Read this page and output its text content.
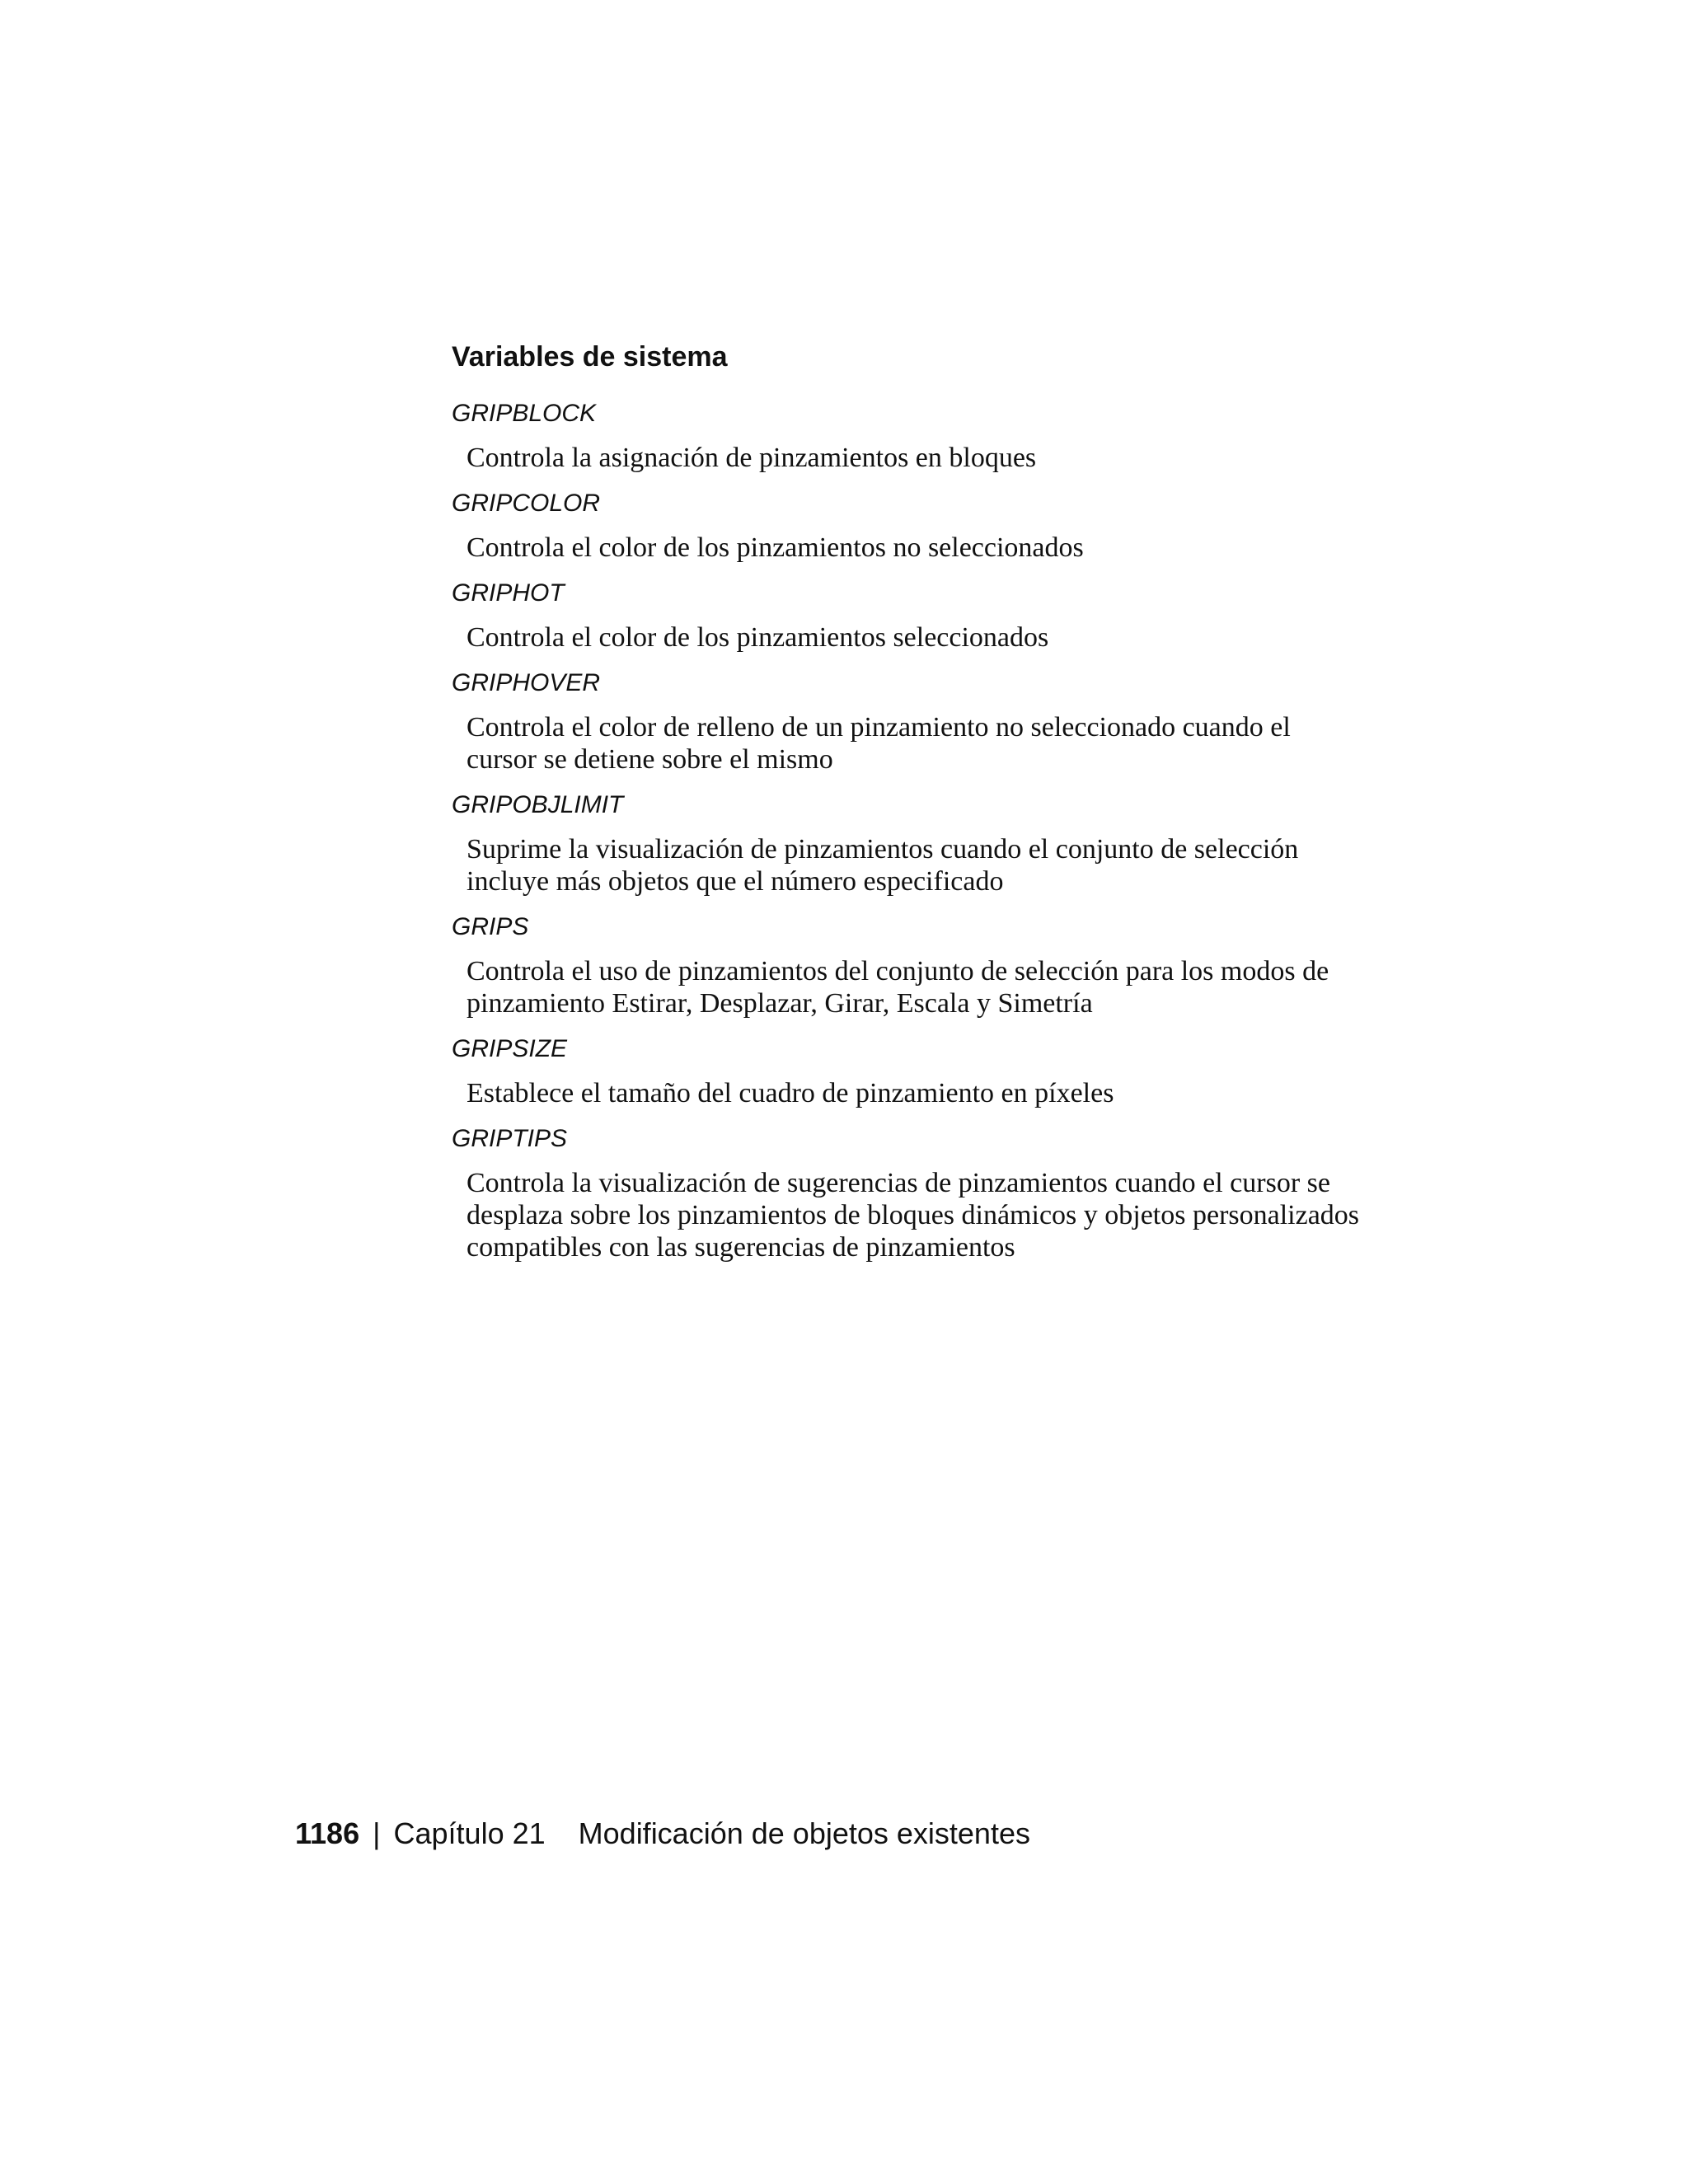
Variables de sistema

GRIPBLOCK

Controla la asignación de pinzamientos en bloques

GRIPCOLOR

Controla el color de los pinzamientos no seleccionados

GRIPHOT

Controla el color de los pinzamientos seleccionados

GRIPHOVER

Controla el color de relleno de un pinzamiento no seleccionado cuando el cursor se detiene sobre el mismo

GRIPOBJLIMIT

Suprime la visualización de pinzamientos cuando el conjunto de selección incluye más objetos que el número especificado

GRIPS

Controla el uso de pinzamientos del conjunto de selección para los modos de pinzamiento Estirar, Desplazar, Girar, Escala y Simetría

GRIPSIZE

Establece el tamaño del cuadro de pinzamiento en píxeles

GRIPTIPS

Controla la visualización de sugerencias de pinzamientos cuando el cursor se desplaza sobre los pinzamientos de bloques dinámicos y objetos personalizados compatibles con las sugerencias de pinzamientos

1186 | Capítulo 21 Modificación de objetos existentes
